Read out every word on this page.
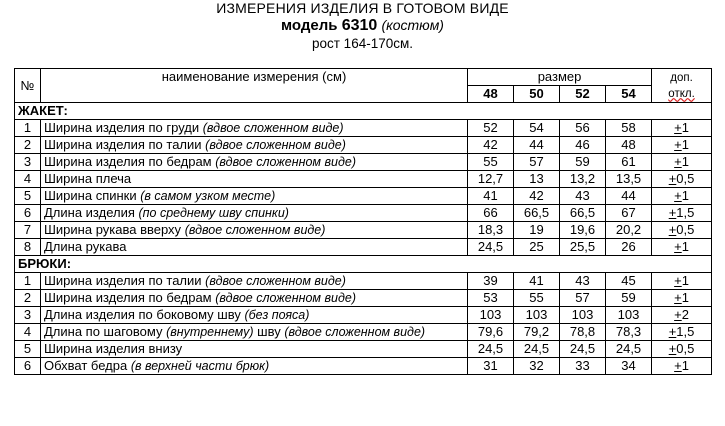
ИЗМЕРЕНИЯ ИЗДЕЛИЯ В ГОТОВОМ ВИДЕ
модель 6310 (костюм)
рост 164-170см.
№	наименование измерения (см)	размер				доп.
откл.

		48	50	52	54	
ЖАКЕТ:						
1	Ширина изделия по груди (вдвое сложенном виде)	52	54	56	58	+1
2	Ширина изделия по талии (вдвое сложенном виде)	42	44	46	48	+1
3	Ширина изделия по бедрам (вдвое сложенном виде)	55	57	59	61	+1
4	Ширина плеча	12,7	13	13,2	13,5	+0,5
5	Ширина спинки (в самом узком месте)	41	42	43	44	+1
6	Длина изделия (по среднему шву спинки)	66	66,5	66,5	67	+1,5
7	Ширина рукава вверху (вдвое сложенном виде)	18,3	19	19,6	20,2	+0,5
8	Длина рукава	24,5	25	25,5	26	+1
БРЮКИ:						
1	Ширина изделия по талии (вдвое сложенном виде)	39	41	43	45	+1
2	Ширина изделия по бедрам (вдвое сложенном виде)	53	55	57	59	+1
3	Длина изделия по боковому шву (без пояса)	103	103	103	103	+2
4	Длина по шаговому (внутреннему) шву (вдвое сложенном виде)	79,6	79,2	78,8	78,3	+1,5
5	Ширина изделия внизу	24,5	24,5	24,5	24,5	+0,5
6	Обхват бедра (в верхней части брюк)	31	32	33	34	+1
